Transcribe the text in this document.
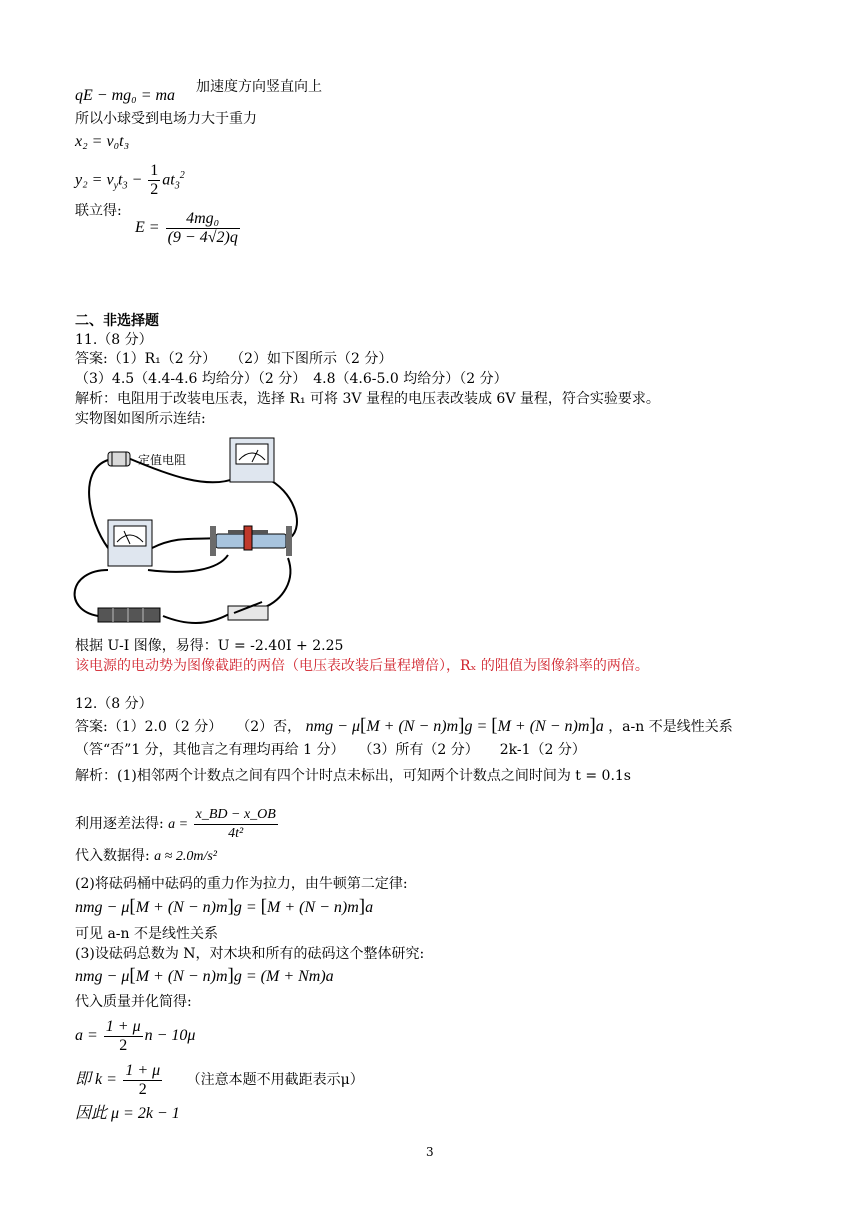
qE − mg₀ = ma 加速度方向竖直向上
所以小球受到电场力大于重力
x₂ = v₀t₃
$y_2 = v_yt_3 - \frac{1}{2} at_3^2$
联立得:
$E = \frac{\text{4mg₀}}{(9 - 4√2)q}$
二、非选择题
11.（8 分）
答案:（1）R₁（2 分）　　（2）如下图所示（2 分）
（3）4.5（4.4-4.6 均给分）（2 分）　4.8（4.6-5.0 均给分）（2 分）
解析：电阻用于改装电压表，选择 R₁ 可将 3V 量程的电压表改装成 6V 量程，符合实验要求。
实物图如图所示连结:
定值电阻
根据 U-I 图像，易得：U = -2.40I + 2.25
该电源的电动势为图像截距的两倍（电压表改装后量程增倍），Rₓ 的阻值为图像斜率的两倍。
12.（8 分）
答案:（1）2.0（2 分）　　（2）否， nmg − μ[M + (N − n)m]g = [M + (N − n)m]a ，a-n 不是线性关系
（答“否”1 分，其他言之有理均再给 1 分）　　（3）所有（2 分）　　2k-1（2 分）
解析：(1)相邻两个计数点之间有四个计时点未标出，可知两个计数点之间时间为 t = 0.1s
利用逐差法得: $a = \frac{x\_BD - x\_OB}{\text{4t²}}$
代入数据得: a ≈ 2.0m/s²
(2)将砝码桶中砝码的重力作为拉力，由牛顿第二定律:
nmg − μ[M + (N − n)m]g = [M + (N − n)m]a
可见 a-n 不是线性关系
(3)设砝码总数为 N，对木块和所有的砝码这个整体研究:
nmg − μ[M + (N − n)m]g = (M + Nm)a
代入质量并化简得:
$a = \frac{1 + \mu}{2}$ n − 10μ
即 $k = \frac{1 + \mu}{2}$ （注意本题不用截距表示μ）
因此 μ = 2k − 1
3
